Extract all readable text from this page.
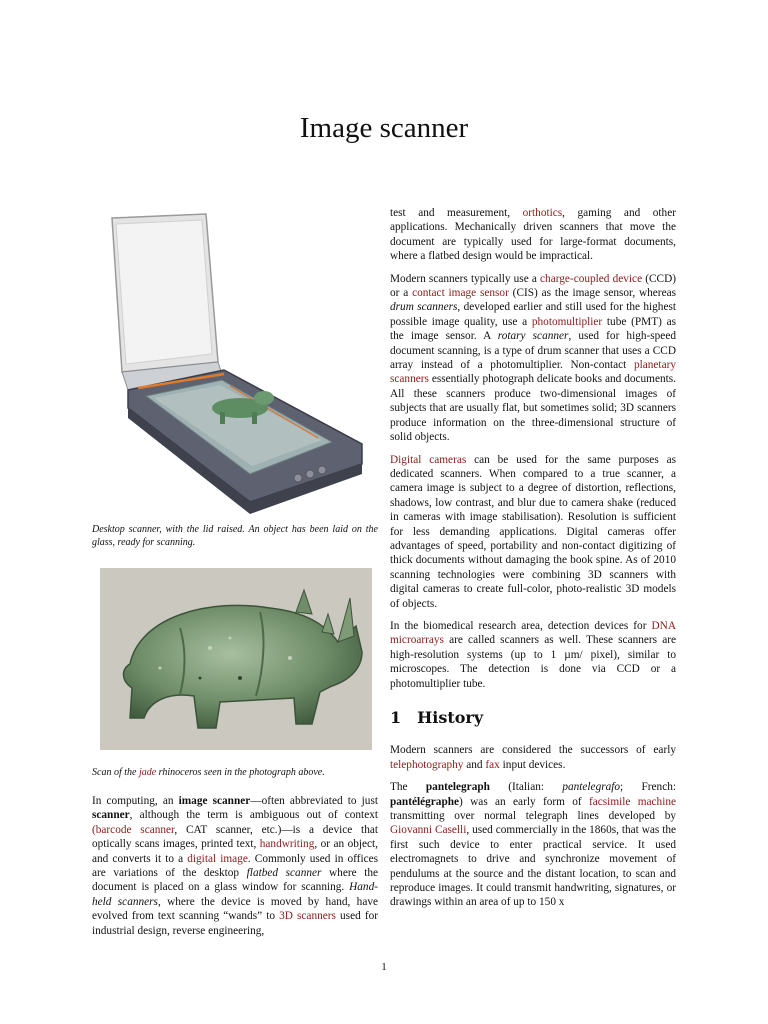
Image scanner
Desktop scanner, with the lid raised. An object has been laid on the glass, ready for scanning.
Scan of the jade rhinoceros seen in the photograph above.

In computing, an image scanner—often abbreviated to just scanner, although the term is ambiguous out of context (barcode scanner, CAT scanner, etc.)—is a device that optically scans images, printed text, handwriting, or an object, and converts it to a digital image. Commonly used in offices are variations of the desktop flatbed scanner where the document is placed on a glass window for scanning. Hand-held scanners, where the device is moved by hand, have evolved from text scanning “wands” to 3D scanners used for industrial design, reverse engineering,

test and measurement, orthotics, gaming and other applications. Mechanically driven scanners that move the document are typically used for large-format documents, where a flatbed design would be impractical.

Modern scanners typically use a charge-coupled device (CCD) or a contact image sensor (CIS) as the image sensor, whereas drum scanners, developed earlier and still used for the highest possible image quality, use a photomultiplier tube (PMT) as the image sensor. A rotary scanner, used for high-speed document scanning, is a type of drum scanner that uses a CCD array instead of a photomultiplier. Non-contact planetary scanners essentially photograph delicate books and documents. All these scanners produce two-dimensional images of subjects that are usually flat, but sometimes solid; 3D scanners produce information on the three-dimensional structure of solid objects.

Digital cameras can be used for the same purposes as dedicated scanners. When compared to a true scanner, a camera image is subject to a degree of distortion, reflections, shadows, low contrast, and blur due to camera shake (reduced in cameras with image stabilisation). Resolution is sufficient for less demanding applications. Digital cameras offer advantages of speed, portability and non-contact digitizing of thick documents without damaging the book spine. As of 2010 scanning technologies were combining 3D scanners with digital cameras to create full-color, photo-realistic 3D models of objects.

In the biomedical research area, detection devices for DNA microarrays are called scanners as well. These scanners are high-resolution systems (up to 1 µm/ pixel), similar to microscopes. The detection is done via CCD or a photomultiplier tube.

1 History

Modern scanners are considered the successors of early telephotography and fax input devices.

The pantelegraph (Italian: pantelegrafo; French: pantélégraphe) was an early form of facsimile machine transmitting over normal telegraph lines developed by Giovanni Caselli, used commercially in the 1860s, that was the first such device to enter practical service. It used electromagnets to drive and synchronize movement of pendulums at the source and the distant location, to scan and reproduce images. It could transmit handwriting, signatures, or drawings within an area of up to 150 x

1
